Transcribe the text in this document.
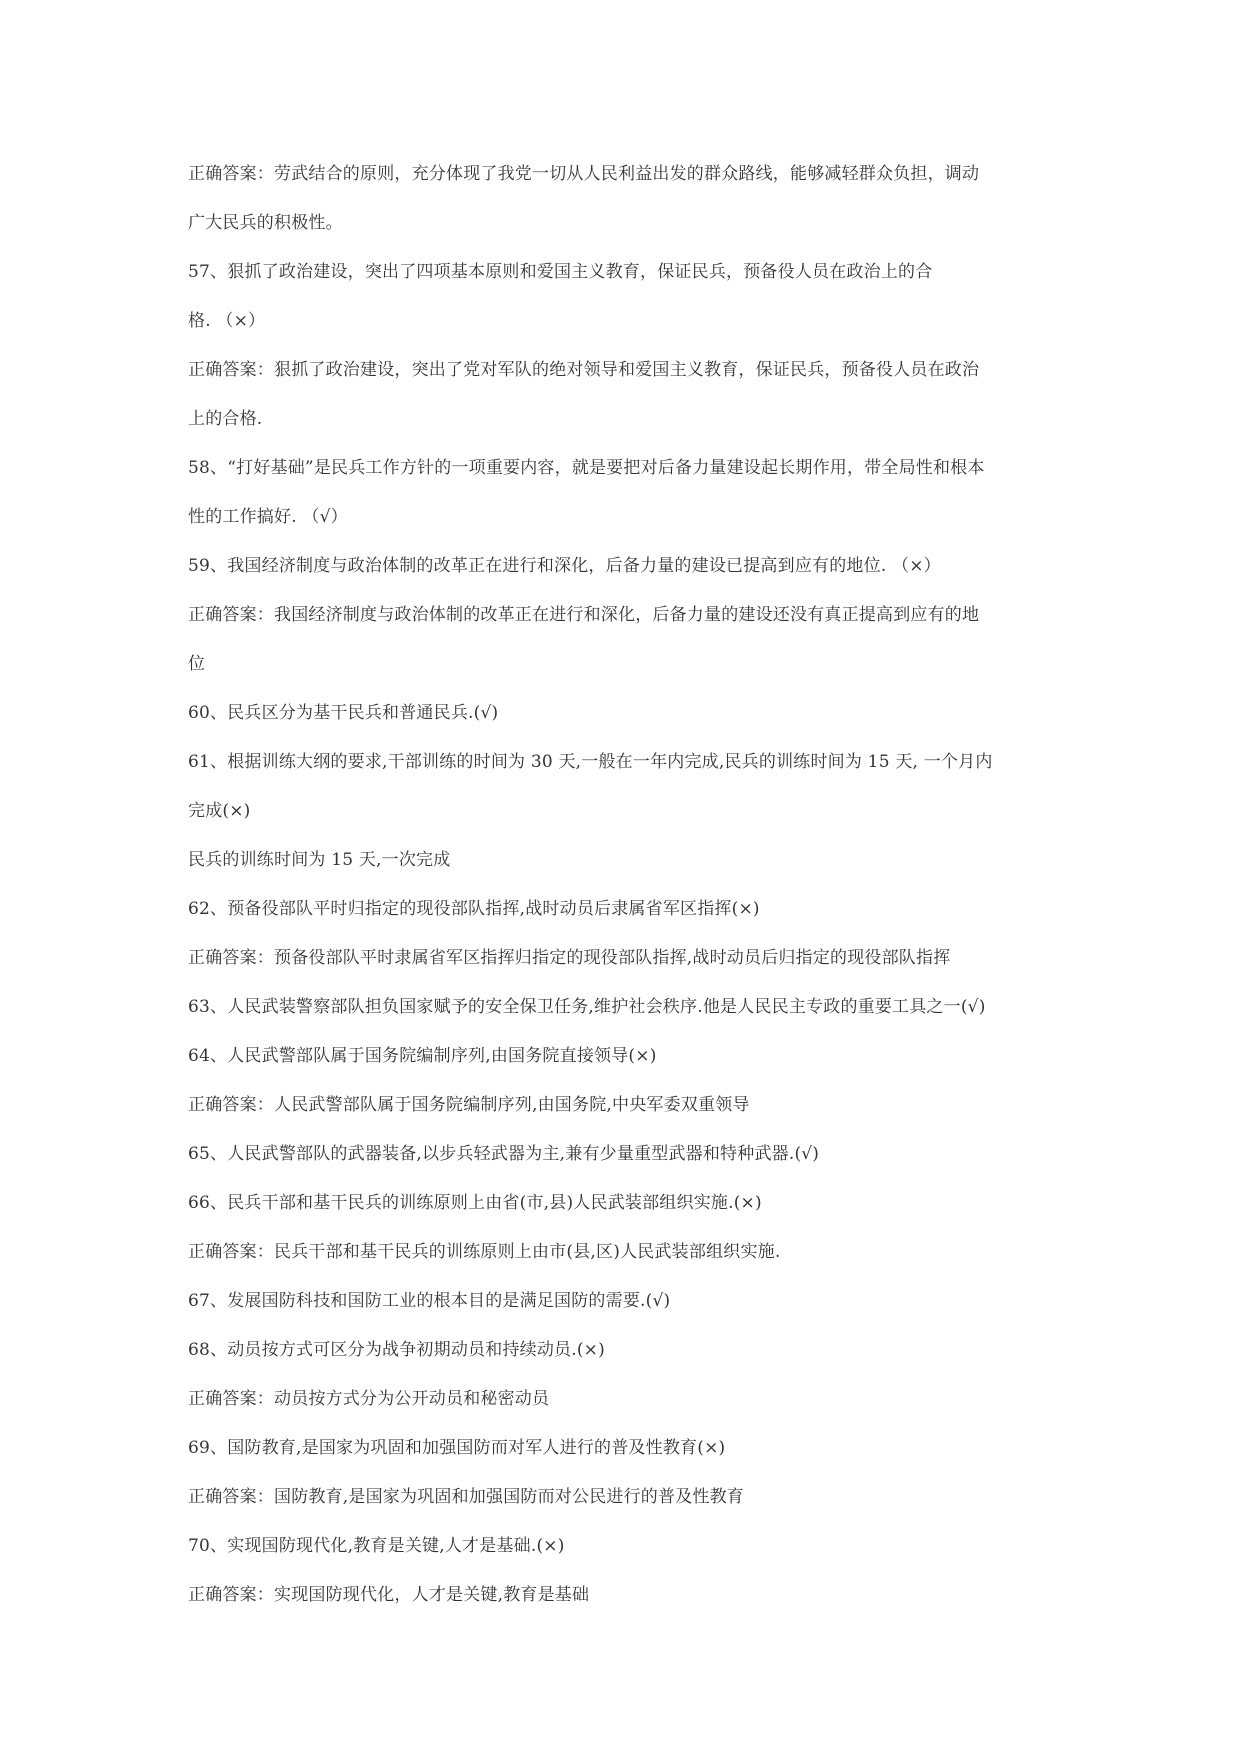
正确答案：劳武结合的原则，充分体现了我党一切从人民利益出发的群众路线，能够减轻群众负担，调动
广大民兵的积极性。
57、狠抓了政治建设，突出了四项基本原则和爱国主义教育，保证民兵，预备役人员在政治上的合
格. （×）
正确答案：狠抓了政治建设，突出了党对军队的绝对领导和爱国主义教育，保证民兵，预备役人员在政治
上的合格.
58、“打好基础”是民兵工作方针的一项重要内容，就是要把对后备力量建设起长期作用，带全局性和根本
性的工作搞好. （√）
59、我国经济制度与政治体制的改革正在进行和深化，后备力量的建设已提高到应有的地位. （×）
正确答案：我国经济制度与政治体制的改革正在进行和深化，后备力量的建设还没有真正提高到应有的地
位
60、民兵区分为基干民兵和普通民兵.(√)
61、根据训练大纲的要求,干部训练的时间为 30 天,一般在一年内完成,民兵的训练时间为 15 天, 一个月内
完成(×)
民兵的训练时间为 15 天,一次完成
62、预备役部队平时归指定的现役部队指挥,战时动员后隶属省军区指挥(×)
正确答案：预备役部队平时隶属省军区指挥归指定的现役部队指挥,战时动员后归指定的现役部队指挥
63、人民武装警察部队担负国家赋予的安全保卫任务,维护社会秩序.他是人民民主专政的重要工具之一(√)
64、人民武警部队属于国务院编制序列,由国务院直接领导(×)
正确答案：人民武警部队属于国务院编制序列,由国务院,中央军委双重领导
65、人民武警部队的武器装备,以步兵轻武器为主,兼有少量重型武器和特种武器.(√)
66、民兵干部和基干民兵的训练原则上由省(市,县)人民武装部组织实施.(×)
正确答案：民兵干部和基干民兵的训练原则上由市(县,区)人民武装部组织实施.
67、发展国防科技和国防工业的根本目的是满足国防的需要.(√)
68、动员按方式可区分为战争初期动员和持续动员.(×)
正确答案：动员按方式分为公开动员和秘密动员
69、国防教育,是国家为巩固和加强国防而对军人进行的普及性教育(×)
正确答案：国防教育,是国家为巩固和加强国防而对公民进行的普及性教育
70、实现国防现代化,教育是关键,人才是基础.(×)
正确答案：实现国防现代化，人才是关键,教育是基础
